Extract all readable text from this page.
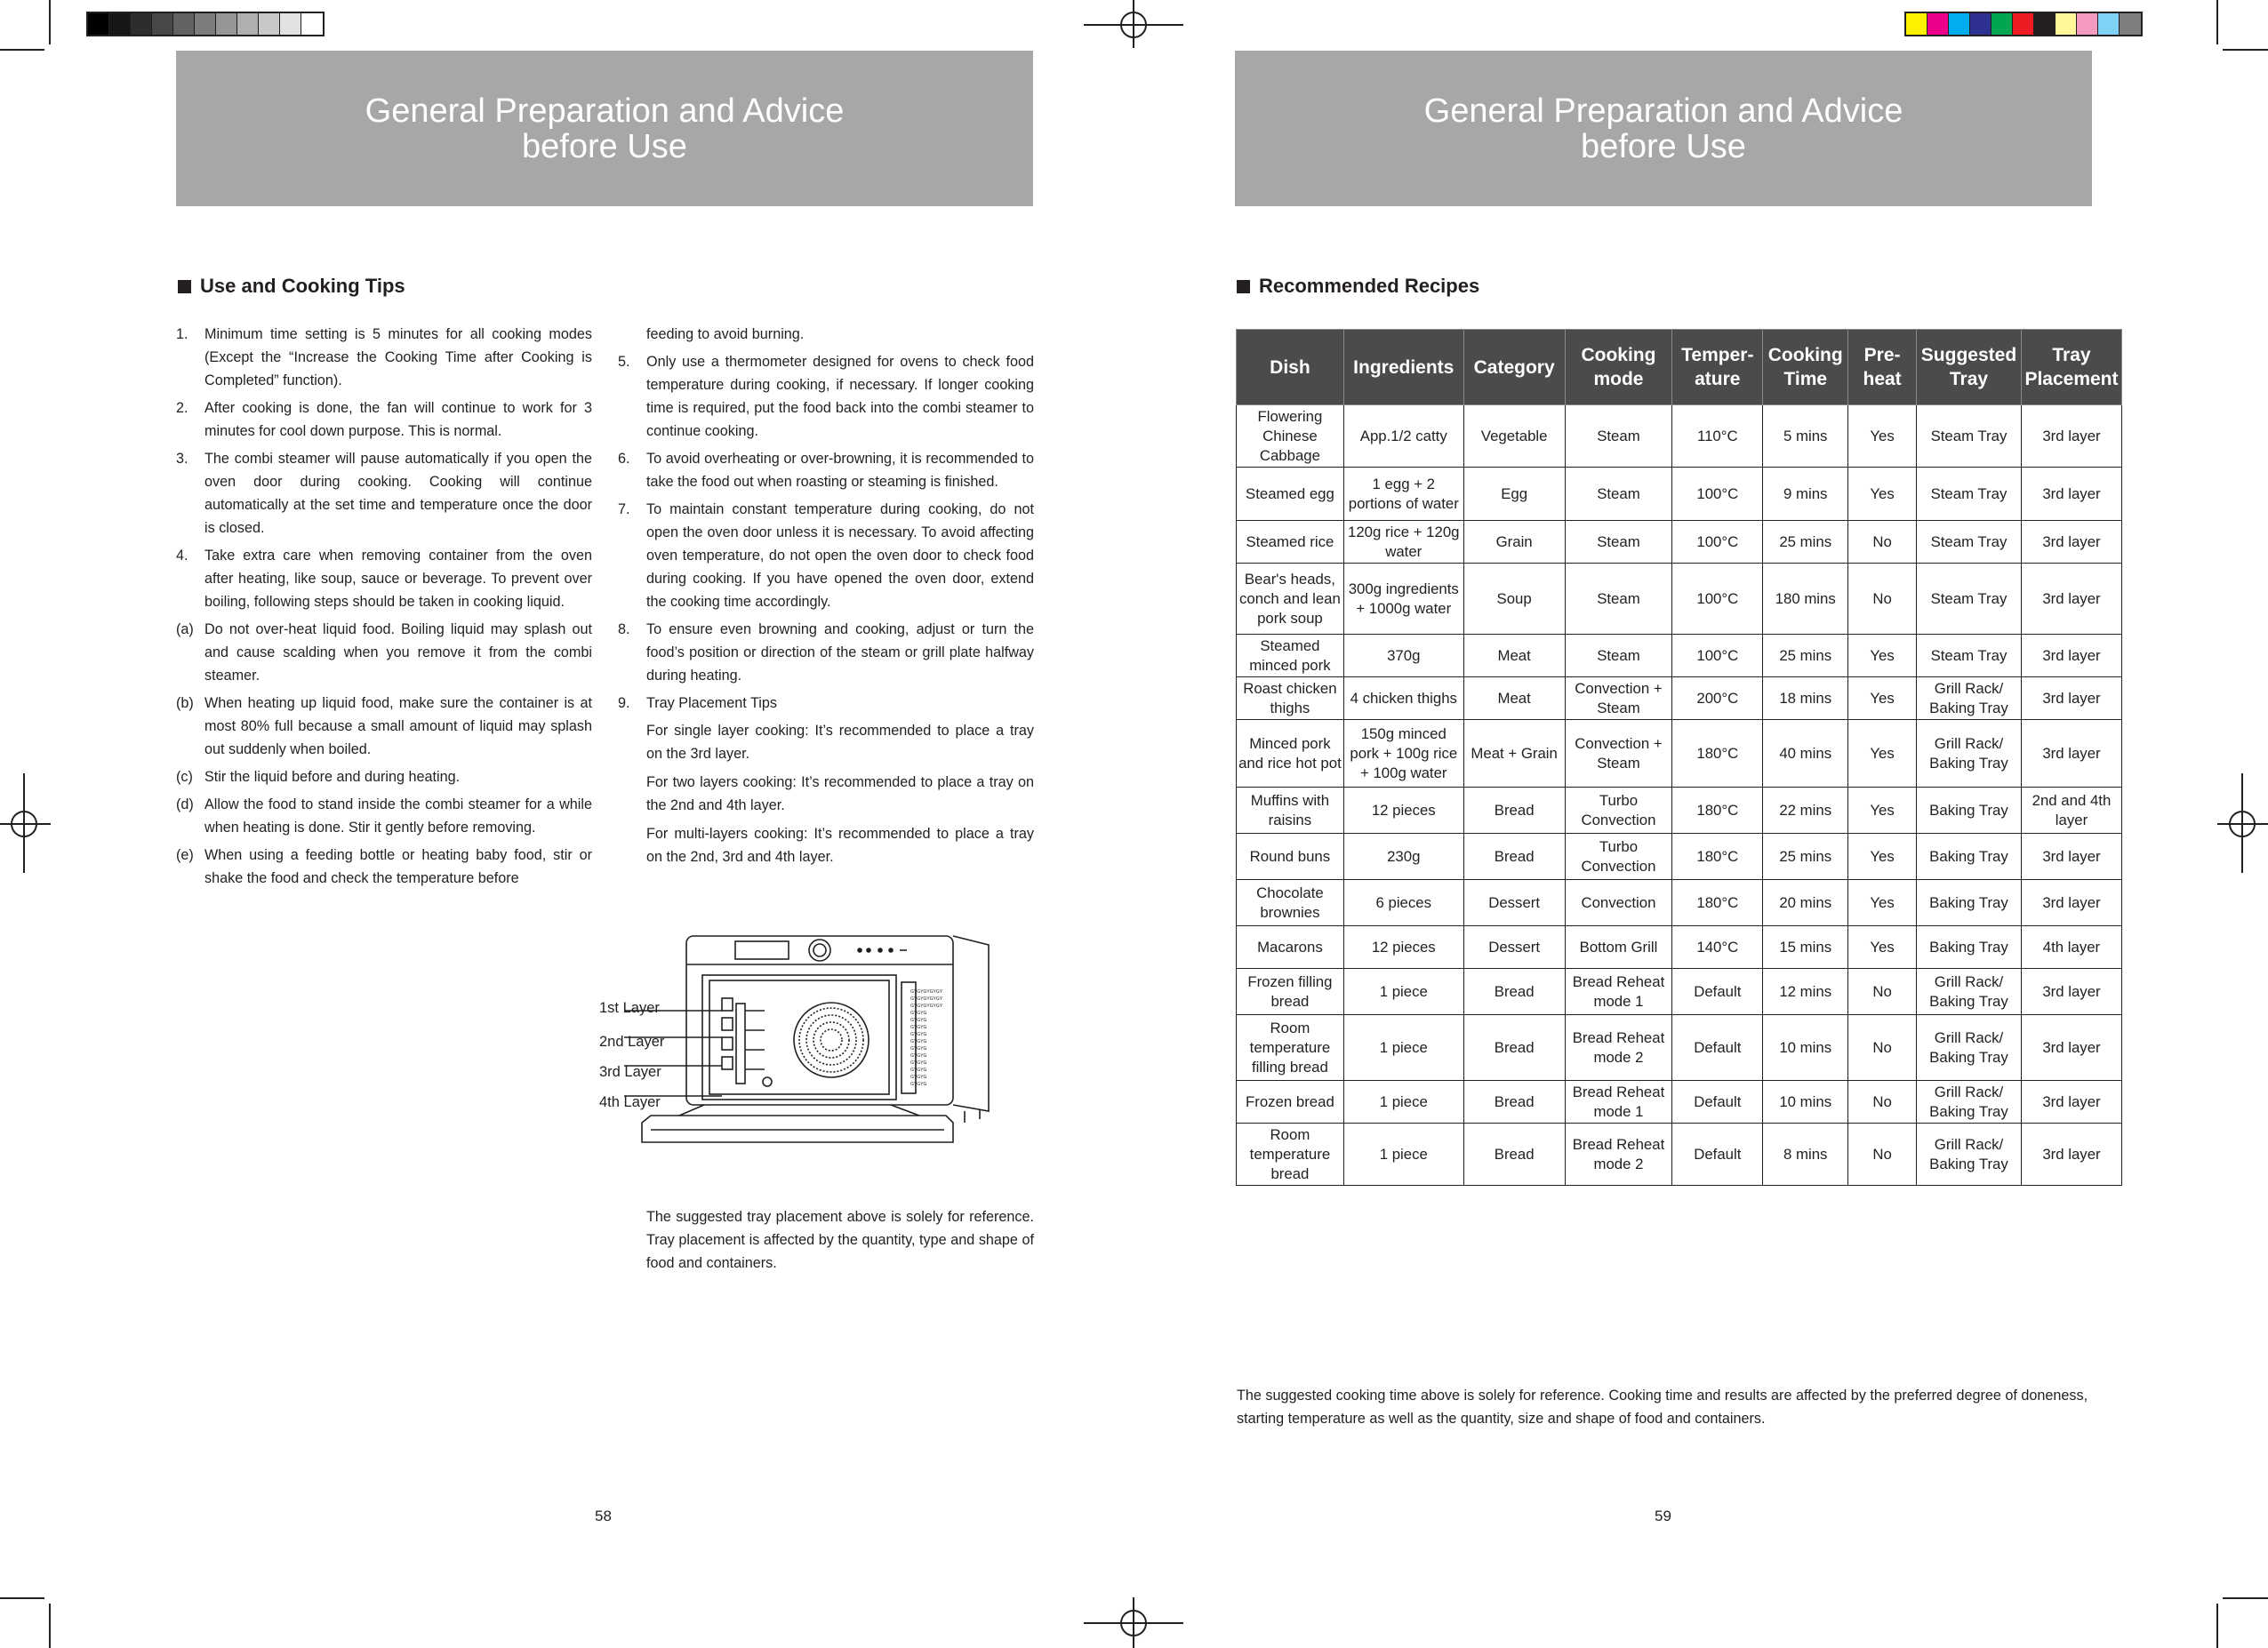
General Preparation and Advice
before Use
Use and Cooking Tips
1.	Minimum time setting is 5 minutes for all cooking modes (Except the “Increase the Cooking Time after Cooking is Completed” function).
2.	After cooking is done, the fan will continue to work for 3 minutes for cool down purpose. This is normal.
3.	The combi steamer will pause automatically if you open the oven door during cooking. Cooking will continue automatically at the set time and temperature once the door is closed.
4.	Take extra care when removing container from the oven after heating, like soup, sauce or beverage. To prevent over boiling, following steps should be taken in cooking liquid.
(a) Do not over-heat liquid food. Boiling liquid may splash out and cause scalding when you remove it from the combi steamer.
(b) When heating up liquid food, make sure the container is at most 80% full because a small amount of liquid may splash out suddenly when boiled.
(c) Stir the liquid before and during heating.
(d) Allow the food to stand inside the combi steamer for a while when heating is done. Stir it gently before removing.
(e) When using a feeding bottle or heating baby food, stir or shake the food and check the temperature before
feeding to avoid burning.
5.	Only use a thermometer designed for ovens to check food temperature during cooking, if necessary. If longer cooking time is required, put the food back into the combi steamer to continue cooking.
6.	To avoid overheating or over-browning, it is recommended to take the food out when roasting or steaming is finished.
7.	To maintain constant temperature during cooking, do not open the oven door unless it is necessary. To avoid affecting oven temperature, do not open the oven door to check food during cooking. If you have opened the oven door, extend the cooking time accordingly.
8.	To ensure even browning and cooking, adjust or turn the food’s position or direction of the steam or grill plate halfway during heating.
9.	Tray Placement Tips
For single layer cooking: It’s recommended to place a tray on the 3rd layer.
For two layers cooking: It’s recommended to place a tray on the 2nd and 4th layer.
For multi-layers cooking: It’s recommended to place a tray on the 2nd, 3rd and 4th layer.
GYGYGYGYGY
GYGYGYGYGY
GYGYGYGYGY
GYGYG
GYGYG
GYGYG
GYGYG
GYGYG
GYGYG
GYGYG
GYGYG
GYGYG
GYGYG
GYGYG
1st Layer
2nd Layer
3rd Layer
4th Layer
The suggested tray placement above is solely for reference. Tray placement is affected by the quantity, type and shape of food and containers.
58
General Preparation and Advice
before Use
Recommended Recipes
Dish	Ingredients	Category	Cooking mode	Temper- ature	Cooking Time	Pre- heat	Suggested Tray	Tray Placement
Flowering Chinese Cabbage	App.1/2 catty	Vegetable	Steam	110°C	5 mins	Yes	Steam Tray	3rd layer
Steamed egg	1 egg + 2 portions of water	Egg	Steam	100°C	9 mins	Yes	Steam Tray	3rd layer
Steamed rice	120g rice + 120g water	Grain	Steam	100°C	25 mins	No	Steam Tray	3rd layer
Bear's heads, conch and lean pork soup	300g ingredients + 1000g water	Soup	Steam	100°C	180 mins	No	Steam Tray	3rd layer
Steamed minced pork	370g	Meat	Steam	100°C	25 mins	Yes	Steam Tray	3rd layer
Roast chicken thighs	4 chicken thighs	Meat	Convection + Steam	200°C	18 mins	Yes	Grill Rack/ Baking Tray	3rd layer
Minced pork and rice hot pot	150g minced pork + 100g rice + 100g water	Meat + Grain	Convection + Steam	180°C	40 mins	Yes	Grill Rack/ Baking Tray	3rd layer
Muffins with raisins	12 pieces	Bread	Turbo Convection	180°C	22 mins	Yes	Baking Tray	2nd and 4th layer
Round buns	230g	Bread	Turbo Convection	180°C	25 mins	Yes	Baking Tray	3rd layer
Chocolate brownies	6 pieces	Dessert	Convection	180°C	20 mins	Yes	Baking Tray	3rd layer
Macarons	12 pieces	Dessert	Bottom Grill	140°C	15 mins	Yes	Baking Tray	4th layer
Frozen filling bread	1 piece	Bread	Bread Reheat mode 1	Default	12 mins	No	Grill Rack/ Baking Tray	3rd layer
Room temperature filling bread	1 piece	Bread	Bread Reheat mode 2	Default	10 mins	No	Grill Rack/ Baking Tray	3rd layer
Frozen bread	1 piece	Bread	Bread Reheat mode 1	Default	10 mins	No	Grill Rack/ Baking Tray	3rd layer
Room temperature bread	1 piece	Bread	Bread Reheat mode 2	Default	8 mins	No	Grill Rack/ Baking Tray	3rd layer
The suggested cooking time above is solely for reference. Cooking time and results are affected by the preferred degree of doneness, starting temperature as well as the quantity, size and shape of food and containers.
59
